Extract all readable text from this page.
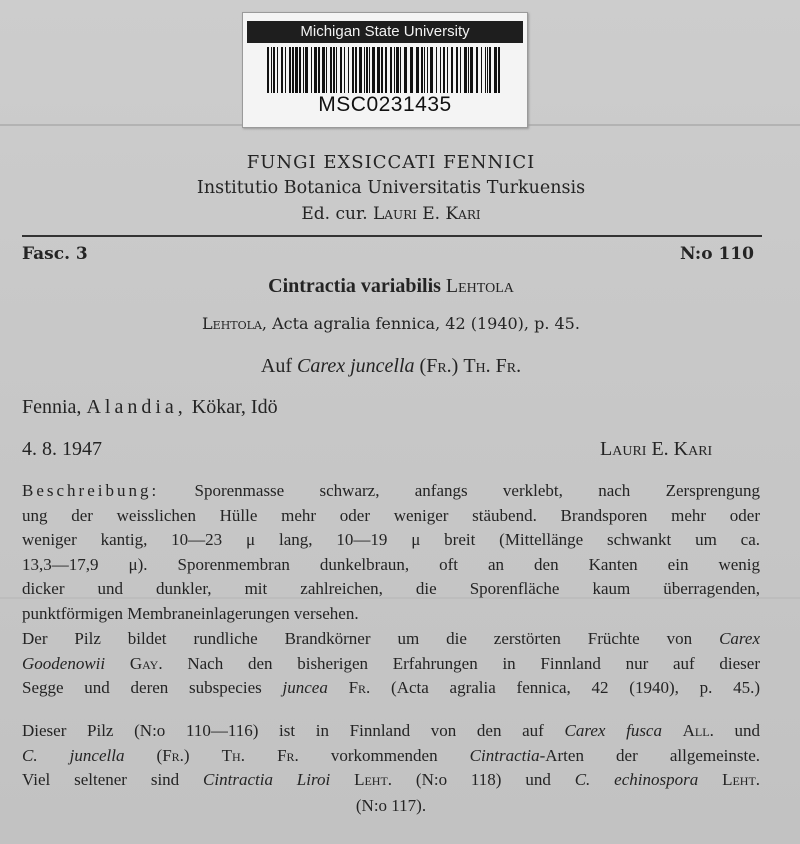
Michigan State University
MSC0231435
FUNGI EXSICCATI FENNICI
Institutio Botanica Universitatis Turkuensis
Ed. cur. Lauri E. Kari
Fasc. 3	N:o 110
Cintractia variabilis Lehtola
Lehtola, Acta agralia fennica, 42 (1940), p. 45.
Auf Carex juncella (Fr.) Th. Fr.
Fennia, Alandia, Kökar, Idö
4. 8. 1947	Lauri E. Karı
Beschreibung: Sporenmasse schwarz, anfangs verklebt, nach Zersprengung
ung der weisslichen Hülle mehr oder weniger stäubend. Brandsporen mehr oder
weniger kantig, 10—23 μ lang, 10—19 μ breit (Mittellänge schwankt um ca.
13,3—17,9 μ). Sporenmembran dunkelbraun, oft an den Kanten ein wenig
dicker und dunkler, mit zahlreichen, die Sporenfläche kaum überragenden,
punktförmigen Membraneinlagerungen versehen.
Der Pilz bildet rundliche Brandkörner um die zerstörten Früchte von Carex
Goodenowii Gay. Nach den bisherigen Erfahrungen in Finnland nur auf dieser
Segge und deren subspecies juncea Fr. (Acta agralia fennica, 42 (1940), p. 45.)
Dieser Pilz (N:o 110—116) ist in Finnland von den auf Carex fusca All. und
C. juncella (Fr.) Th. Fr. vorkommenden Cintractia-Arten der allgemeinste.
Viel seltener sind Cintractia Liroi Leht. (N:o 118) und C. echinospora Leht.
(N:o 117).
